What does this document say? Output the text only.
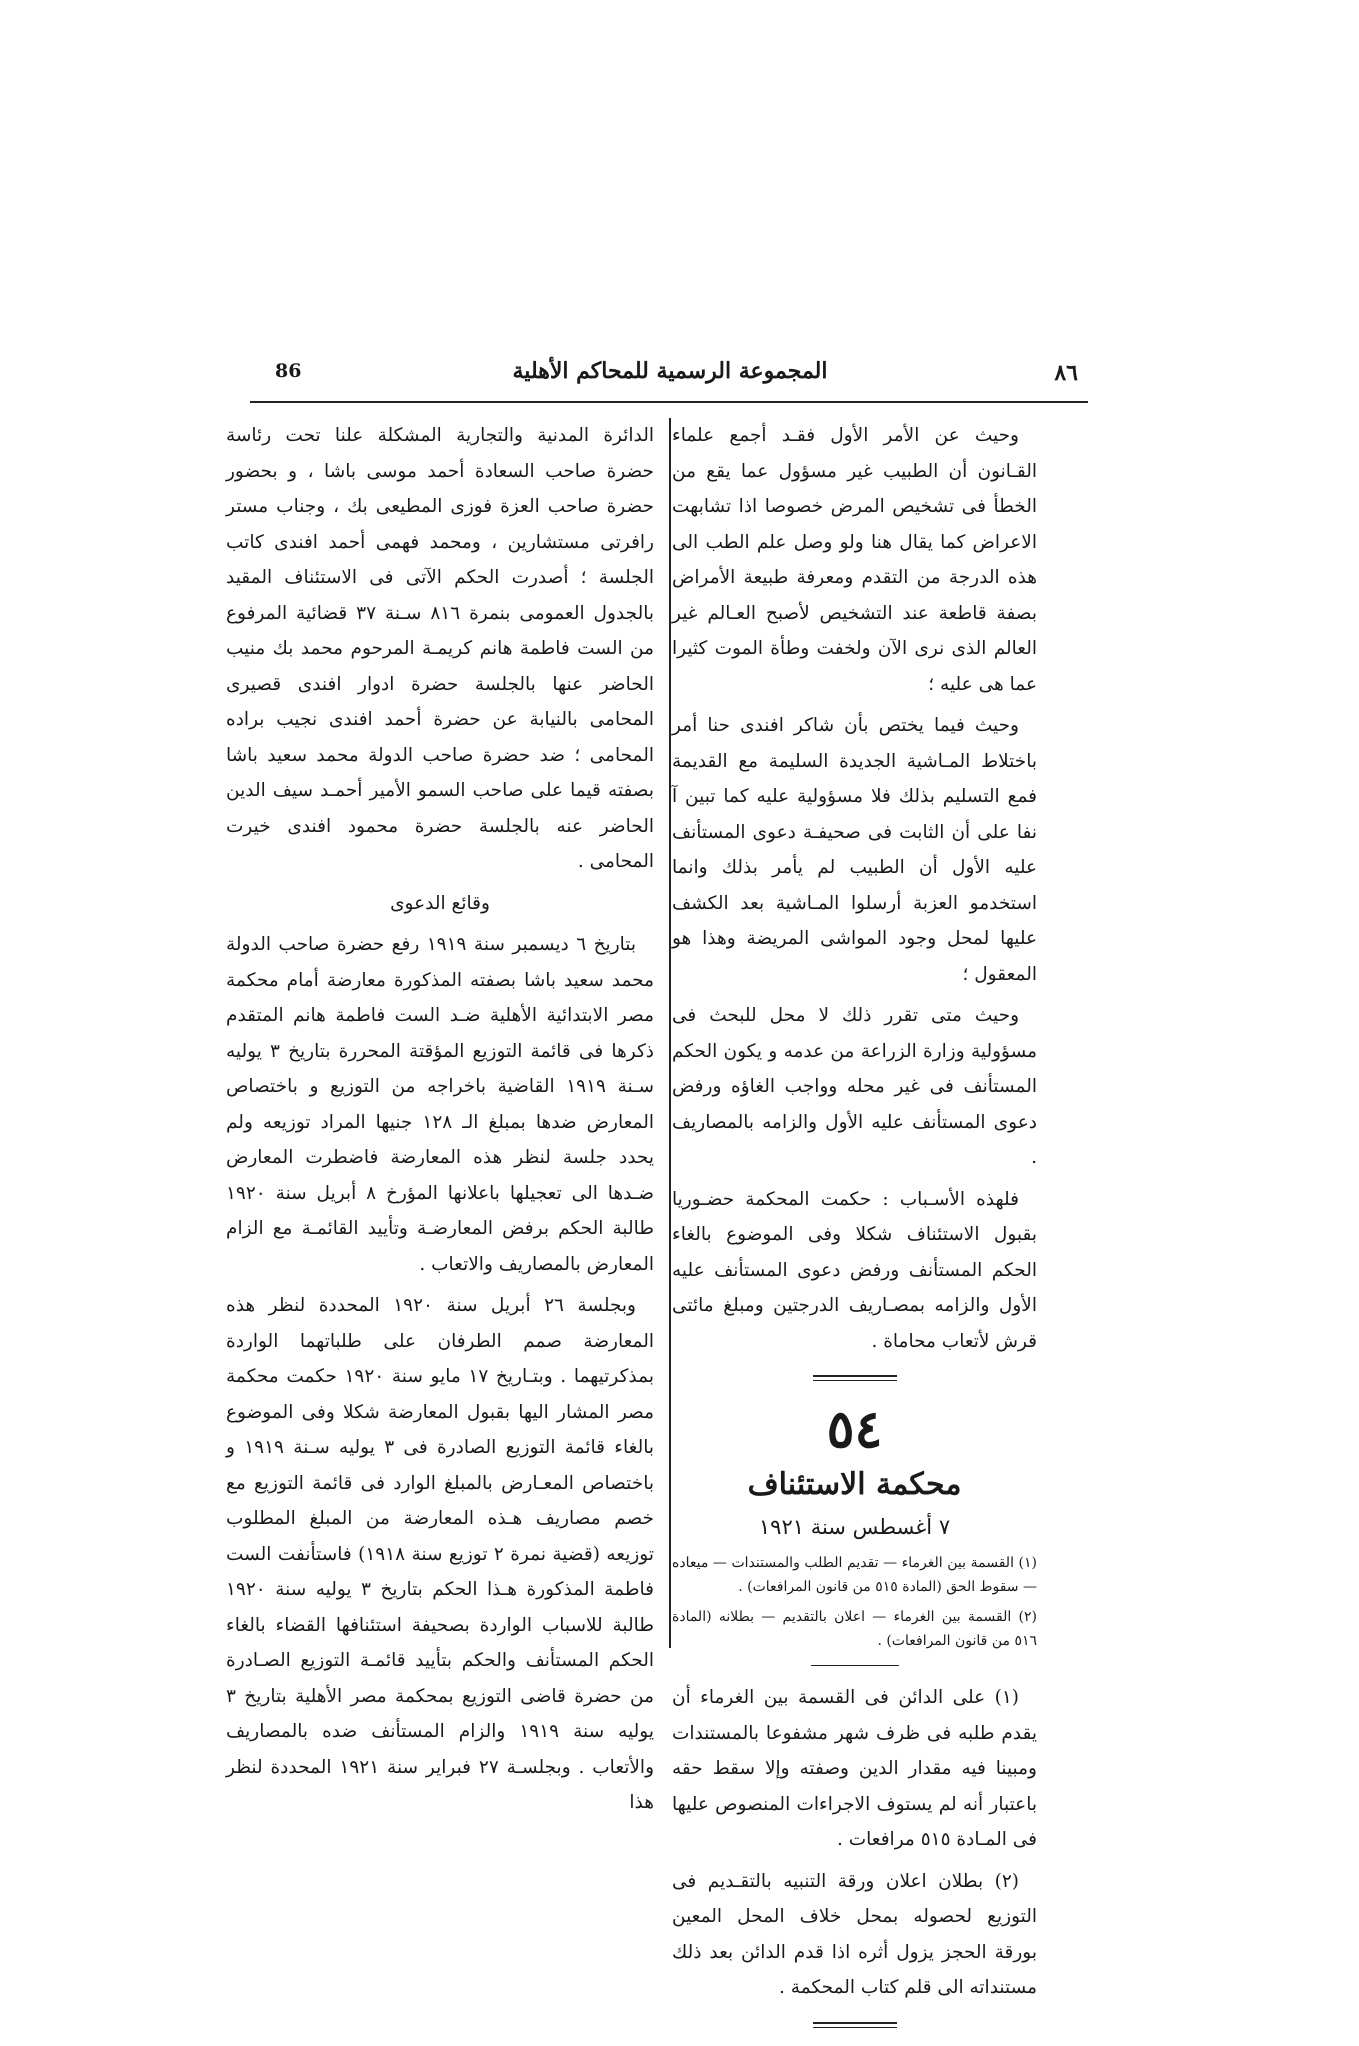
86	المجموعة الرسمية للمحاكم الأهلية	٨٦

وحيث عن الأمر الأول فقـد أجمع علماء القـانون أن الطبيب غير مسؤول عما يقع من الخطأ فى تشخيص المرض خصوصا اذا تشابهت الاعراض كما يقال هنا ولو وصل علم الطب الى هذه الدرجة من التقدم ومعرفة طبيعة الأمراض بصفة قاطعة عند التشخيص لأصبح العـالم غير العالم الذى نرى الآن ولخفت وطأة الموت كثيرا عما هى عليه ؛

وحيث فيما يختص بأن شاكر افندى حنا أمر باختلاط المـاشية الجديدة السليمة مع القديمة فمع التسليم بذلك فلا مسؤولية عليه كما تبين آ نفا على أن الثابت فى صحيفـة دعوى المستأنف عليه الأول أن الطبيب لم يأمر بذلك وانما استخدمو العزبة أرسلوا المـاشية بعد الكشف عليها لمحل وجود المواشى المريضة وهذا هو المعقول ؛

وحيث متى تقرر ذلك لا محل للبحث فى مسؤولية وزارة الزراعة من عدمه و يكون الحكم المستأنف فى غير محله وواجب الغاؤه ورفض دعوى المستأنف عليه الأول والزامه بالمصاريف .

فلهذه الأسـباب : حكمت المحكمة حضـوريا بقبول الاستئناف شكلا وفى الموضوع بالغاء الحكم المستأنف ورفض دعوى المستأنف عليه الأول والزامه بمصـاريف الدرجتين ومبلغ مائتى قرش لأتعاب محاماة .

٥٤
محكمة الاستئناف
٧ أغسطس سنة ١٩٢١

(١) القسمة بين الغرماء — تقديم الطلب والمستندات — ميعاده — سقوط الحق (المادة ٥١٥ من قانون المرافعات) .

(٢) القسمة بين الغرماء — اعلان بالتقديم — بطلانه (المادة ٥١٦ من قانون المرافعات) .

(١) على الدائن فى القسمة بين الغرماء أن يقدم طلبه فى ظرف شهر مشفوعا بالمستندات ومبينا فيه مقدار الدين وصفته وإلا سقط حقه باعتبار أنه لم يستوف الاجراءات المنصوص عليها فى المـادة ٥١٥ مرافعات .

(٢) بطلان اعلان ورقة التنبيه بالتقـديم فى التوزيع لحصوله بمحل خلاف المحل المعين بورقة الحجز يزول أثره اذا قدم الدائن بعد ذلك مستنداته الى قلم كتاب المحكمة .

الدائرة المدنية والتجارية المشكلة علنا تحت رئاسة حضرة صاحب السعادة أحمد موسى باشا ، و بحضور حضرة صاحب العزة فوزى المطيعى بك ، وجناب مستر رافرتى مستشارين ، ومحمد فهمى أحمد افندى كاتب الجلسة ؛ أصدرت الحكم الآتى فى الاستئناف المقيد بالجدول العمومى بنمرة ٨١٦ سـنة ٣٧ قضائية المرفوع من الست فاطمة هانم كريمـة المرحوم محمد بك منيب الحاضر عنها بالجلسة حضرة ادوار افندى قصيرى المحامى بالنيابة عن حضرة أحمد افندى نجيب براده المحامى ؛ ضد حضرة صاحب الدولة محمد سعيد باشا بصفته قيما على صاحب السمو الأمير أحمـد سيف الدين الحاضر عنه بالجلسة حضرة محمود افندى خيرت المحامى .

وقائع الدعوى

بتاريخ ٦ ديسمبر سنة ١٩١٩ رفع حضرة صاحب الدولة محمد سعيد باشا بصفته المذكورة معارضة أمام محكمة مصر الابتدائية الأهلية ضـد الست فاطمة هانم المتقدم ذكرها فى قائمة التوزيع المؤقتة المحررة بتاريخ ٣ يوليه سـنة ١٩١٩ القاضية باخراجه من التوزيع و باختصاص المعارض ضدها بمبلغ الـ ١٢٨ جنيها المراد توزيعه ولم يحدد جلسة لنظر هذه المعارضة فاضطرت المعارض ضـدها الى تعجيلها باعلانها المؤرخ ٨ أبريل سنة ١٩٢٠ طالبة الحكم برفض المعارضـة وتأييد القائمـة مع الزام المعارض بالمصاريف والاتعاب .

وبجلسة ٢٦ أبريل سنة ١٩٢٠ المحددة لنظر هذه المعارضة صمم الطرفان على طلباتهما الواردة بمذكرتيهما . وبتـاريخ ١٧ مايو سنة ١٩٢٠ حكمت محكمة مصر المشار اليها بقبول المعارضة شكلا وفى الموضوع بالغاء قائمة التوزيع الصادرة فى ٣ يوليه سـنة ١٩١٩ و باختصاص المعـارض بالمبلغ الوارد فى قائمة التوزيع مع خصم مصاريف هـذه المعارضة من المبلغ المطلوب توزيعه (قضية نمرة ٢ توزيع سنة ١٩١٨) فاستأنفت الست فاطمة المذكورة هـذا الحكم بتاريخ ٣ يوليه سنة ١٩٢٠ طالبة للاسباب الواردة بصحيفة استئنافها القضاء بالغاء الحكم المستأنف والحكم بتأييد قائمـة التوزيع الصـادرة من حضرة قاضى التوزيع بمحكمة مصر الأهلية بتاريخ ٣ يوليه سنة ١٩١٩ والزام المستأنف ضده بالمصاريف والأتعاب . وبجلسـة ٢٧ فبراير سنة ١٩٢١ المحددة لنظر هذا
